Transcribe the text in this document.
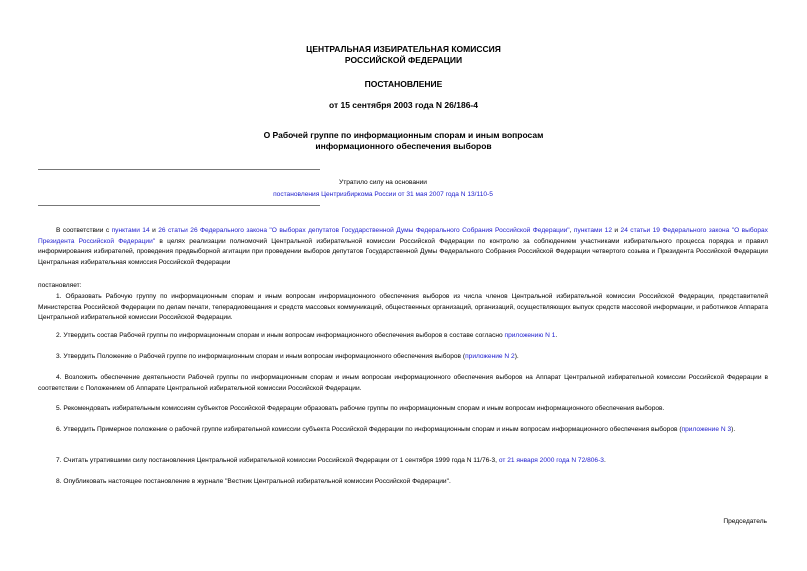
ЦЕНТРАЛЬНАЯ ИЗБИРАТЕЛЬНАЯ КОМИССИЯ
РОССИЙСКОЙ ФЕДЕРАЦИИ
ПОСТАНОВЛЕНИЕ
от 15 сентября 2003 года N 26/186-4
О Рабочей группе по информационным спорам и иным вопросам
информационного обеспечения выборов
Утратило силу на основании
постановления Центризбиркома России от 31 мая 2007 года N 13/110-5
В соответствии с пунктами 14 и 26 статьи 26 Федерального закона "О выборах депутатов Государственной Думы Федерального Собрания Российской Федерации", пунктами 12 и 24 статьи 19 Федерального закона "О выборах Президента Российской Федерации" в целях реализации полномочий Центральной избирательной комиссии Российской Федерации по контролю за соблюдением участниками избирательного процесса порядка и правил информирования избирателей, проведения предвыборной агитации при проведении выборов депутатов Государственной Думы Федерального Собрания Российской Федерации четвертого созыва и Президента Российской Федерации Центральная избирательная комиссия Российской Федерации
постановляет:
1. Образовать Рабочую группу по информационным спорам и иным вопросам информационного обеспечения выборов из числа членов Центральной избирательной комиссии Российской Федерации, представителей Министерства Российской Федерации по делам печати, телерадиовещания и средств массовых коммуникаций, общественных организаций, организаций, осуществляющих выпуск средств массовой информации, и работников Аппарата Центральной избирательной комиссии Российской Федерации.
2. Утвердить состав Рабочей группы по информационным спорам и иным вопросам информационного обеспечения выборов в составе согласно приложению N 1.
3. Утвердить Положение о Рабочей группе по информационным спорам и иным вопросам информационного обеспечения выборов (приложение N 2).
4. Возложить обеспечение деятельности Рабочей группы по информационным спорам и иным вопросам информационного обеспечения выборов на Аппарат Центральной избирательной комиссии Российской Федерации в соответствии с Положением об Аппарате Центральной избирательной комиссии Российской Федерации.
5. Рекомендовать избирательным комиссиям субъектов Российской Федерации образовать рабочие группы по информационным спорам и иным вопросам информационного обеспечения выборов.
6. Утвердить Примерное положение о рабочей группе избирательной комиссии субъекта Российской Федерации по информационным спорам и иным вопросам информационного обеспечения выборов (приложение N 3).
7. Считать утратившими силу постановления Центральной избирательной комиссии Российской Федерации от 1 сентября 1999 года N 11/76-3, от 21 января 2000 года N 72/806-3.
8. Опубликовать настоящее постановление в журнале "Вестник Центральной избирательной комиссии Российской Федерации".
Председатель
